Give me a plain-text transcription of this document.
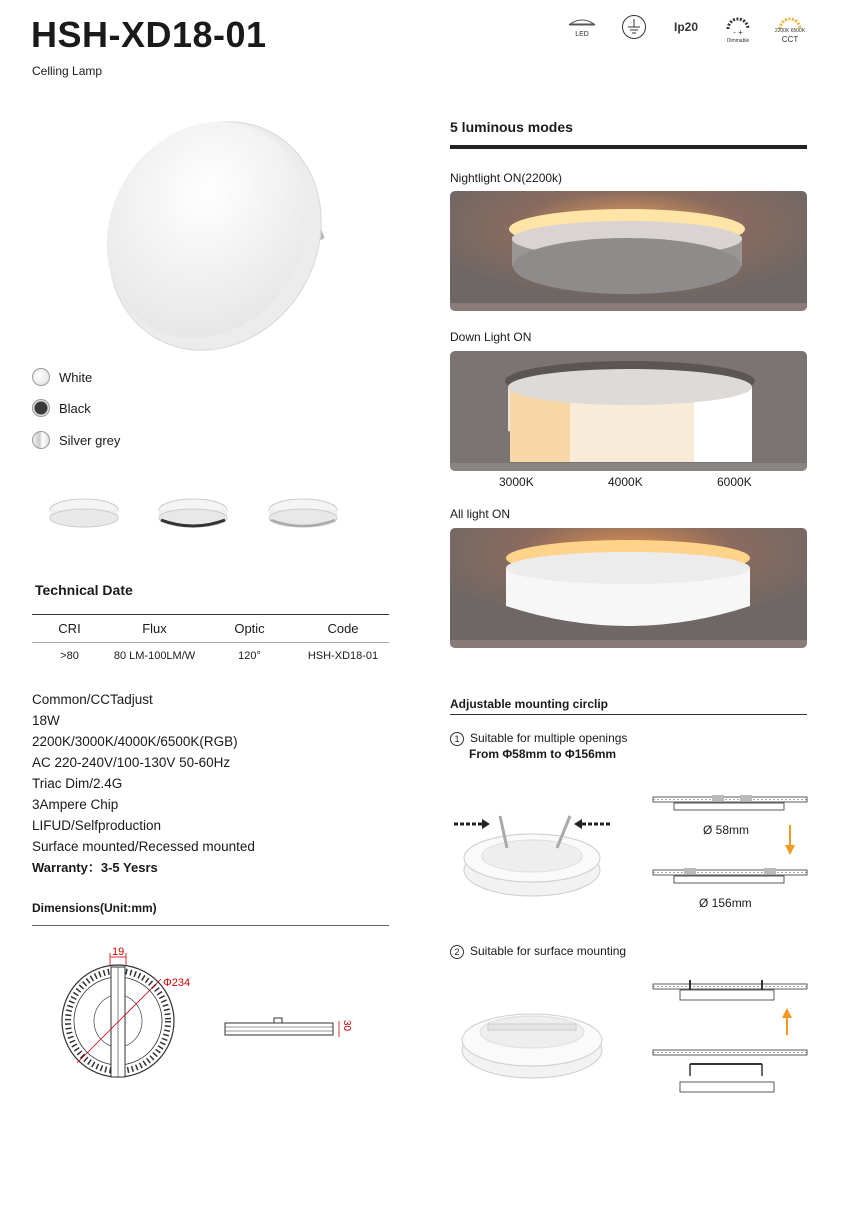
HSH-XD18-01
Celling Lamp
LED
Ip20	- +
Dimmable
2200K 6500K
CCT
White
Black
Silver grey
Technical Date
CRI	Flux	Optic	Code
>80	80 LM-100LM/W	120°	HSH-XD18-01
Common/CCTadjust
18W
2200K/3000K/4000K/6500K(RGB)
AC 220-240V/100-130V 50-60Hz
Triac Dim/2.4G
3Ampere Chip
LIFUD/Selfproduction
Surface mounted/Recessed mounted
Warranty：3-5 Yesrs
Dimensions(Unit:mm)
19
Φ234
30
5 luminous modes
Nightlight ON(2200k)
Down Light ON
3000K	4000K	6000K
All light ON
Adjustable mounting circlip
1 Suitable for multiple openings
From Φ58mm to Φ156mm
Ø 58mm
Ø 156mm
2 Suitable for surface mounting
